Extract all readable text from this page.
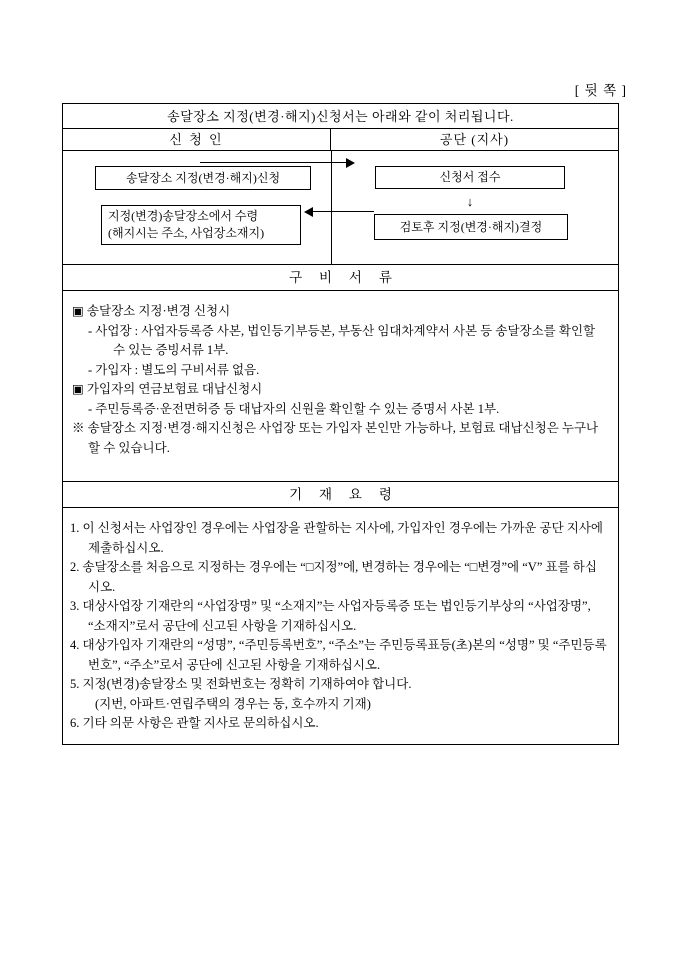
[ 뒷 쪽 ]
송달장소 지정(변경·해지)신청서는 아래와 같이 처리됩니다.
신 청 인	공단 (지사)
송달장소 지정(변경·해지)신청
지정(변경)송달장소에서 수령
(해지시는 주소, 사업장소재지)
신청서 접수
↓
검토후 지정(변경·해지)결정
구     비     서     류
▣ 송달장소 지정·변경 신청시
- 사업장 : 사업자등록증 사본, 법인등기부등본, 부동산 임대차계약서 사본 등 송달장소를 확인할 수 있는 증빙서류 1부.
- 가입자 : 별도의 구비서류 없음.
▣ 가입자의 연금보험료 대납신청시
- 주민등록증·운전면허증 등 대납자의 신원을 확인할 수 있는 증명서 사본 1부.
※ 송달장소 지정·변경·해지신청은 사업장 또는 가입자 본인만 가능하나, 보험료 대납신청은 누구나 할 수 있습니다.
기     재     요     령
1. 이 신청서는 사업장인 경우에는 사업장을 관할하는 지사에, 가입자인 경우에는 가까운 공단 지사에 제출하십시오.
2. 송달장소를 처음으로 지정하는 경우에는 “□지정”에, 변경하는 경우에는 “□변경”에 “V” 표를 하십시오.
3. 대상사업장 기재란의 “사업장명” 및 “소재지”는 사업자등록증 또는 법인등기부상의 “사업장명”, “소재지”로서 공단에 신고된 사항을 기재하십시오.
4. 대상가입자 기재란의 “성명”, “주민등록번호”, “주소”는 주민등록표등(초)본의 “성명” 및 “주민등록번호”, “주소”로서 공단에 신고된 사항을 기재하십시오.
5. 지정(변경)송달장소 및 전화번호는 정확히 기재하여야 합니다.
(지번, 아파트·연립주택의 경우는 동, 호수까지 기재)
6. 기타 의문 사항은 관할 지사로 문의하십시오.
